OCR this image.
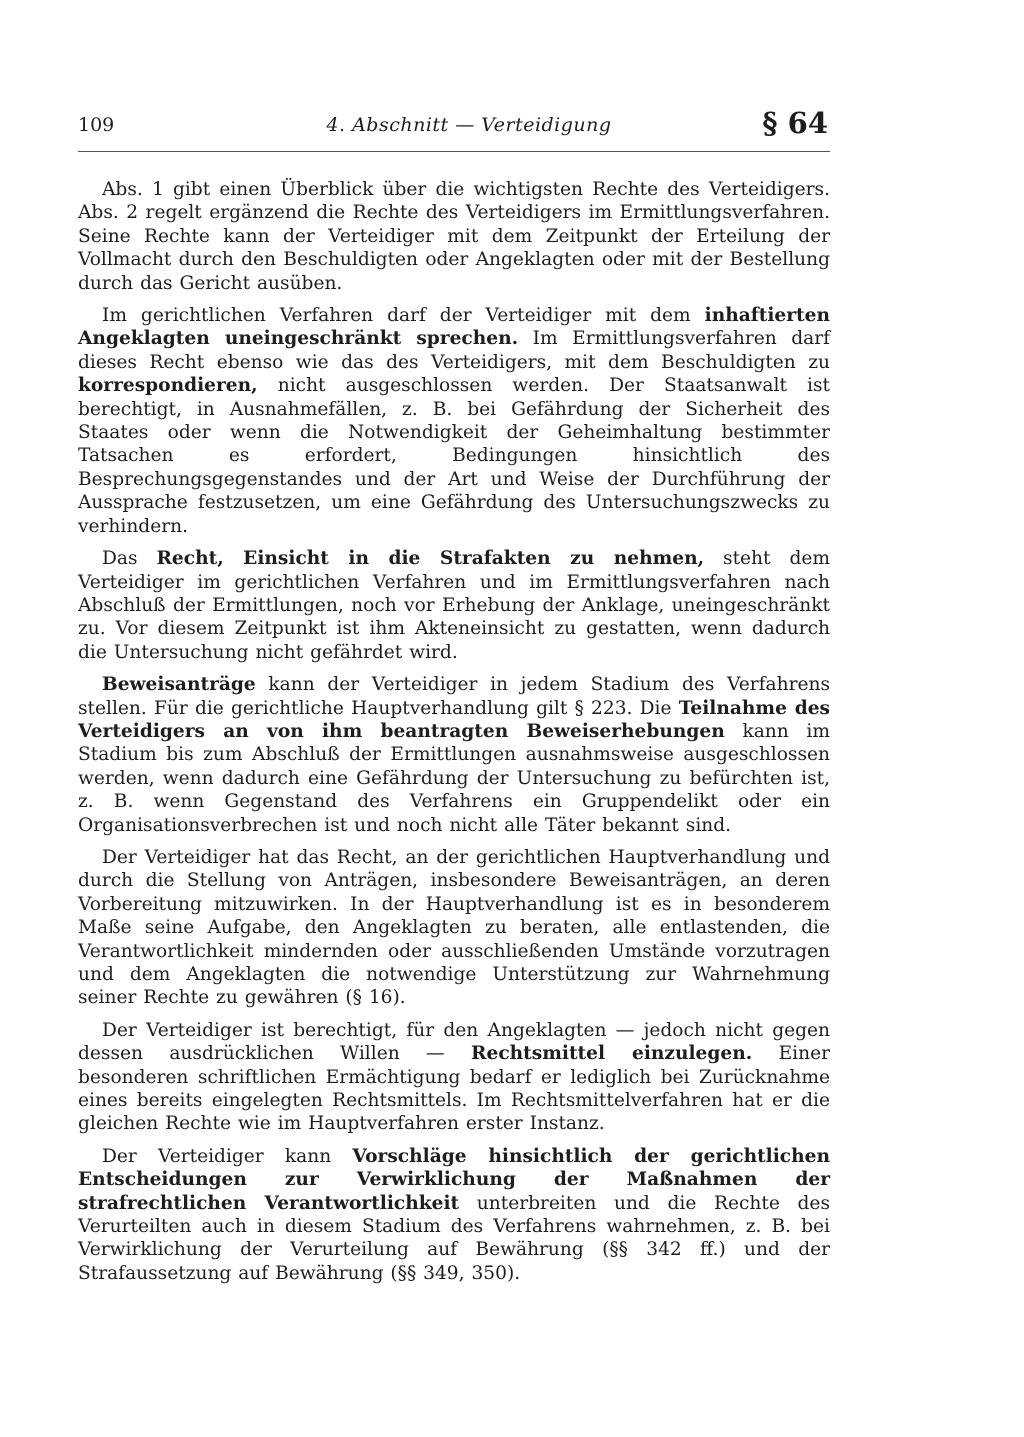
109	4. Abschnitt — Verteidigung	§ 64

Abs. 1 gibt einen Überblick über die wichtigsten Rechte des Verteidigers. Abs. 2 regelt ergänzend die Rechte des Verteidigers im Ermittlungsverfahren. Seine Rechte kann der Verteidiger mit dem Zeitpunkt der Erteilung der Vollmacht durch den Beschuldigten oder Angeklagten oder mit der Bestellung durch das Gericht ausüben.

Im gerichtlichen Verfahren darf der Verteidiger mit dem inhaftierten Angeklagten uneingeschränkt sprechen. Im Ermittlungsverfahren darf dieses Recht ebenso wie das des Verteidigers, mit dem Beschuldigten zu korrespondieren, nicht ausgeschlossen werden. Der Staatsanwalt ist berechtigt, in Ausnahmefällen, z. B. bei Gefährdung der Sicherheit des Staates oder wenn die Notwendigkeit der Geheimhaltung bestimmter Tatsachen es erfordert, Bedingungen hinsichtlich des Besprechungsgegenstandes und der Art und Weise der Durchführung der Aussprache festzusetzen, um eine Gefährdung des Untersuchungszwecks zu verhindern.

Das Recht, Einsicht in die Strafakten zu nehmen, steht dem Verteidiger im gerichtlichen Verfahren und im Ermittlungsverfahren nach Abschluß der Ermittlungen, noch vor Erhebung der Anklage, uneingeschränkt zu. Vor diesem Zeitpunkt ist ihm Akteneinsicht zu gestatten, wenn dadurch die Untersuchung nicht gefährdet wird.

Beweisanträge kann der Verteidiger in jedem Stadium des Verfahrens stellen. Für die gerichtliche Hauptverhandlung gilt § 223. Die Teilnahme des Verteidigers an von ihm beantragten Beweiserhebungen kann im Stadium bis zum Abschluß der Ermittlungen ausnahmsweise ausgeschlossen werden, wenn dadurch eine Gefährdung der Untersuchung zu befürchten ist, z. B. wenn Gegenstand des Verfahrens ein Gruppendelikt oder ein Organisationsverbrechen ist und noch nicht alle Täter bekannt sind.

Der Verteidiger hat das Recht, an der gerichtlichen Hauptverhandlung und durch die Stellung von Anträgen, insbesondere Beweisanträgen, an deren Vorbereitung mitzuwirken. In der Hauptverhandlung ist es in besonderem Maße seine Aufgabe, den Angeklagten zu beraten, alle entlastenden, die Verantwortlichkeit mindernden oder ausschließenden Umstände vorzutragen und dem Angeklagten die notwendige Unterstützung zur Wahrnehmung seiner Rechte zu gewähren (§ 16).

Der Verteidiger ist berechtigt, für den Angeklagten — jedoch nicht gegen dessen ausdrücklichen Willen — Rechtsmittel einzulegen. Einer besonderen schriftlichen Ermächtigung bedarf er lediglich bei Zurücknahme eines bereits eingelegten Rechtsmittels. Im Rechtsmittelverfahren hat er die gleichen Rechte wie im Hauptverfahren erster Instanz.

Der Verteidiger kann Vorschläge hinsichtlich der gerichtlichen Entscheidungen zur Verwirklichung der Maßnahmen der strafrechtlichen Verantwortlichkeit unterbreiten und die Rechte des Verurteilten auch in diesem Stadium des Verfahrens wahrnehmen, z. B. bei Verwirklichung der Verurteilung auf Bewährung (§§ 342 ff.) und der Strafaussetzung auf Bewährung (§§ 349, 350).
